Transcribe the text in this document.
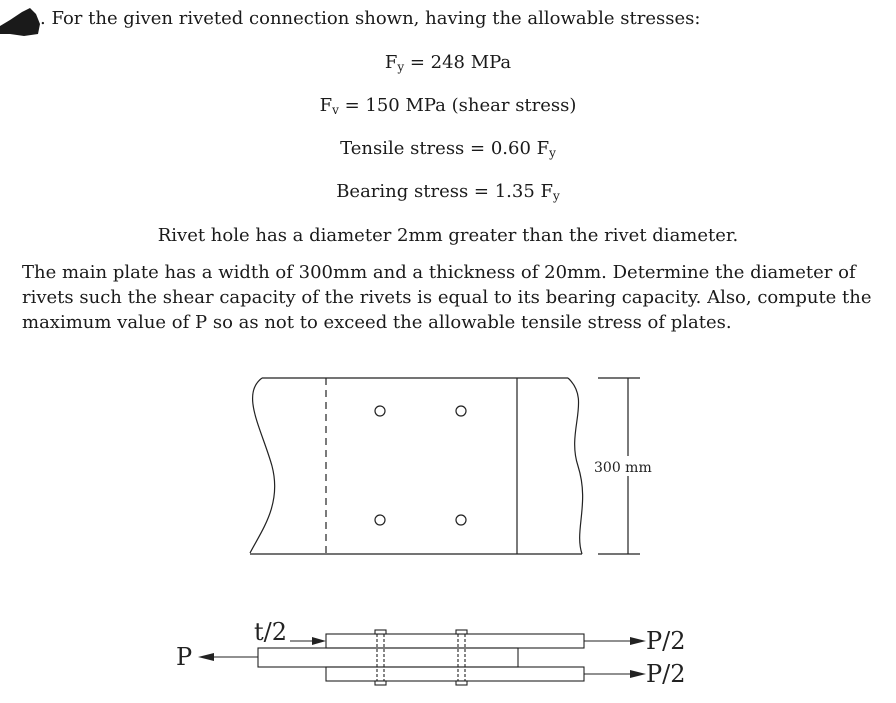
. For the given riveted connection shown, having the allowable stresses:
$F_y = 248$ MPa
$F_v = 150$ MPa (shear stress)
Tensile stress = 0.60 $F_y$
Bearing stress = 1.35 $F_y$
Rivet hole has a diameter 2mm greater than the rivet diameter.
The main plate has a width of 300mm and a thickness of 20mm. Determine the diameter of rivets such the shear capacity of the rivets is equal to its bearing capacity. Also, compute the maximum value of P so as not to exceed the allowable tensile stress of plates.
300 mm
t/2
P
P/2
P/2
